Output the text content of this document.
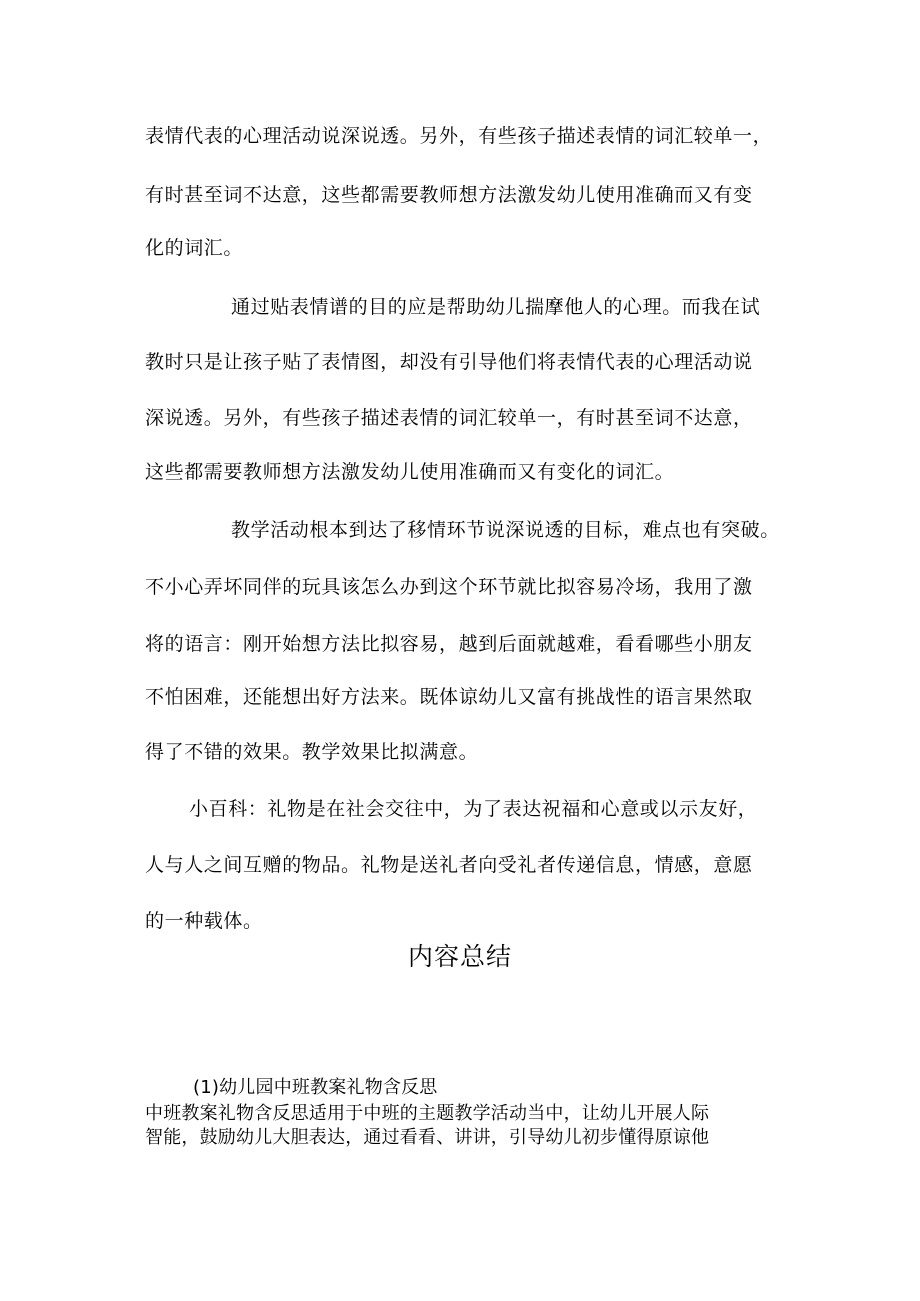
表情代表的心理活动说深说透。另外，有些孩子描述表情的词汇较单一，
有时甚至词不达意，这些都需要教师想方法激发幼儿使用准确而又有变
化的词汇。
通过贴表情谱的目的应是帮助幼儿揣摩他人的心理。而我在试
教时只是让孩子贴了表情图，却没有引导他们将表情代表的心理活动说
深说透。另外，有些孩子描述表情的词汇较单一，有时甚至词不达意，
这些都需要教师想方法激发幼儿使用准确而又有变化的词汇。
教学活动根本到达了移情环节说深说透的目标，难点也有突破。
不小心弄坏同伴的玩具该怎么办到这个环节就比拟容易冷场，我用了激
将的语言：刚开始想方法比拟容易，越到后面就越难，看看哪些小朋友
不怕困难，还能想出好方法来。既体谅幼儿又富有挑战性的语言果然取
得了不错的效果。教学效果比拟满意。
小百科：礼物是在社会交往中，为了表达祝福和心意或以示友好，
人与人之间互赠的物品。礼物是送礼者向受礼者传递信息，情感，意愿
的一种载体。
内容总结
(1)幼儿园中班教案礼物含反思
中班教案礼物含反思适用于中班的主题教学活动当中，让幼儿开展人际
智能，鼓励幼儿大胆表达，通过看看、讲讲，引导幼儿初步懂得原谅他
